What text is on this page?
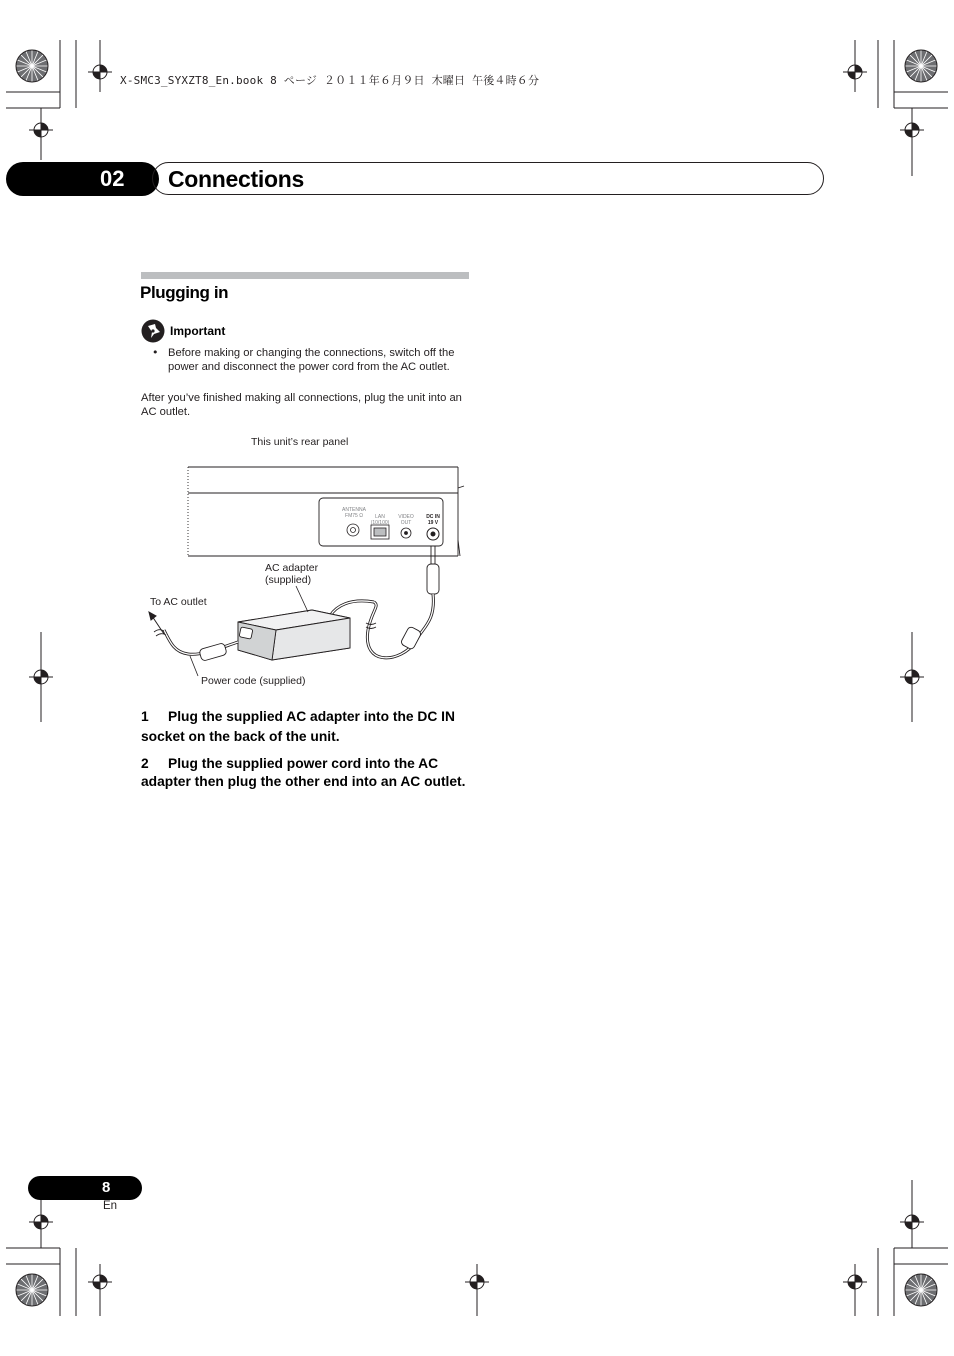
X-SMC3_SYXZT8_En.book 8 ページ ２０１１年６月９日 木曜日 午後４時６分
02	Connections
Plugging in
Important
• Before making or changing the connections, switch off the power and disconnect the power cord from the AC outlet.
After you’ve finished making all connections, plug the unit into an AC outlet.
This unit’s rear panel
ANTENNA
FM75 Ω	LAN
(10/100)
VIDEO
OUT
DC IN
19 V
AC adapter
(supplied)
To AC outlet
Power code (supplied)
1 Plug the supplied AC adapter into the DC IN socket on the back of the unit.
2 Plug the supplied power cord into the AC adapter then plug the other end into an AC outlet.
8
En
